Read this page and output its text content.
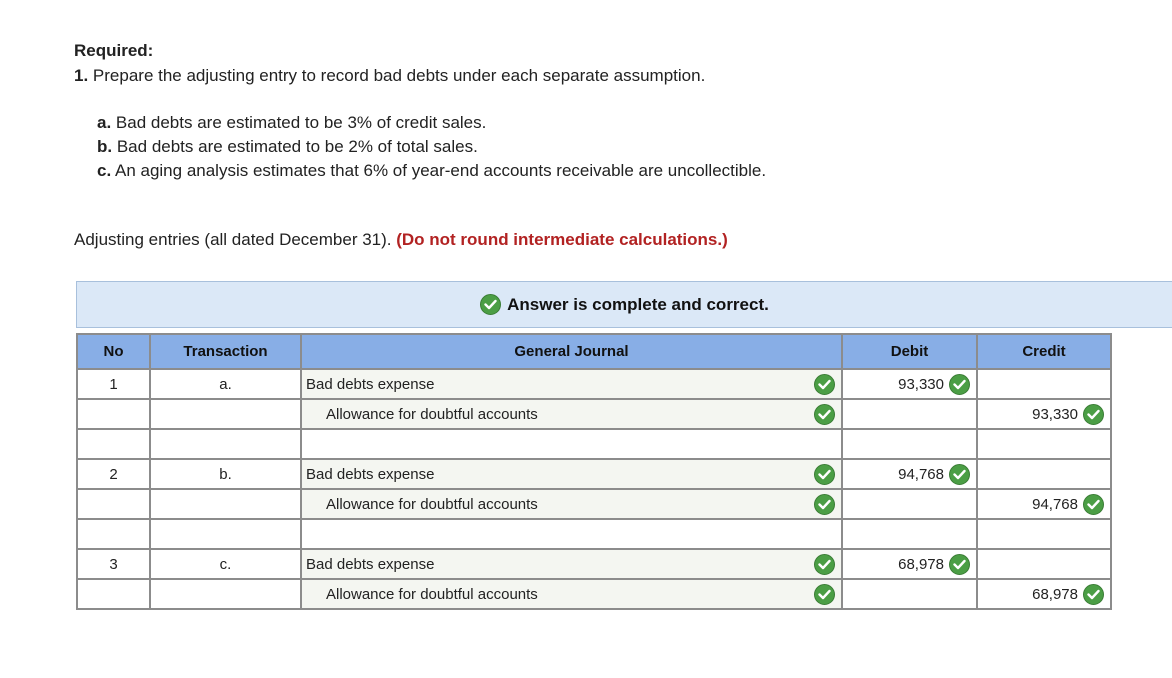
Required:
1. Prepare the adjusting entry to record bad debts under each separate assumption.
a. Bad debts are estimated to be 3% of credit sales.
b. Bad debts are estimated to be 2% of total sales.
c. An aging analysis estimates that 6% of year-end accounts receivable are uncollectible.
Adjusting entries (all dated December 31). (Do not round intermediate calculations.)
Answer is complete and correct.
No	Transaction	General Journal	Debit	Credit
1	a.	Bad debts expense	93,330	

		Allowance for doubtful accounts		93,330

2	b.	Bad debts expense	94,768	

		Allowance for doubtful accounts		94,768

3	c.	Bad debts expense	68,978	

		Allowance for doubtful accounts		68,978
